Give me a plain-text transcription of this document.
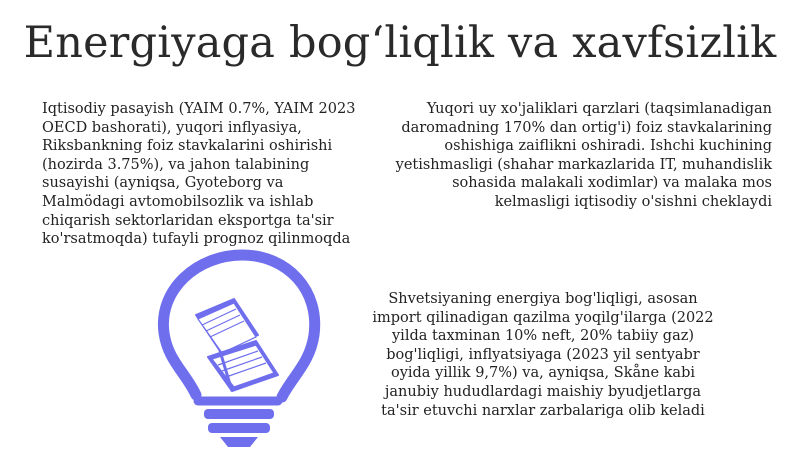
Energiyaga bog‘liqlik va xavfsizlik
Iqtisodiy pasayish (YAIM 0.7%, YAIM 2023 OECD bashorati), yuqori inflyasiya, Riksbankning foiz stavkalarini oshirishi (hozirda 3.75%), va jahon talabining susayishi (ayniqsa, Gyoteborg va Malmödagi avtomobilsozlik va ishlab chiqarish sektorlaridan eksportga ta'sir ko'rsatmoqda) tufayli prognoz qilinmoqda
Yuqori uy xo'jaliklari qarzlari (taqsimlanadigan daromadning 170% dan ortig'i) foiz stavkalarining oshishiga zaiflikni oshiradi. Ishchi kuchining yetishmasligi (shahar markazlarida IT, muhandislik sohasida malakali xodimlar) va malaka mos kelmasligi iqtisodiy o'sishni cheklaydi
Shvetsiyaning energiya bog'liqligi, asosan import qilinadigan qazilma yoqilg'ilarga (2022 yilda taxminan 10% neft, 20% tabiiy gaz) bog'liqligi, inflyatsiyaga (2023 yil sentyabr oyida yillik 9,7%) va, ayniqsa, Skåne kabi janubiy hududlardagi maishiy byudjetlarga ta'sir etuvchi narxlar zarbalariga olib keladi
